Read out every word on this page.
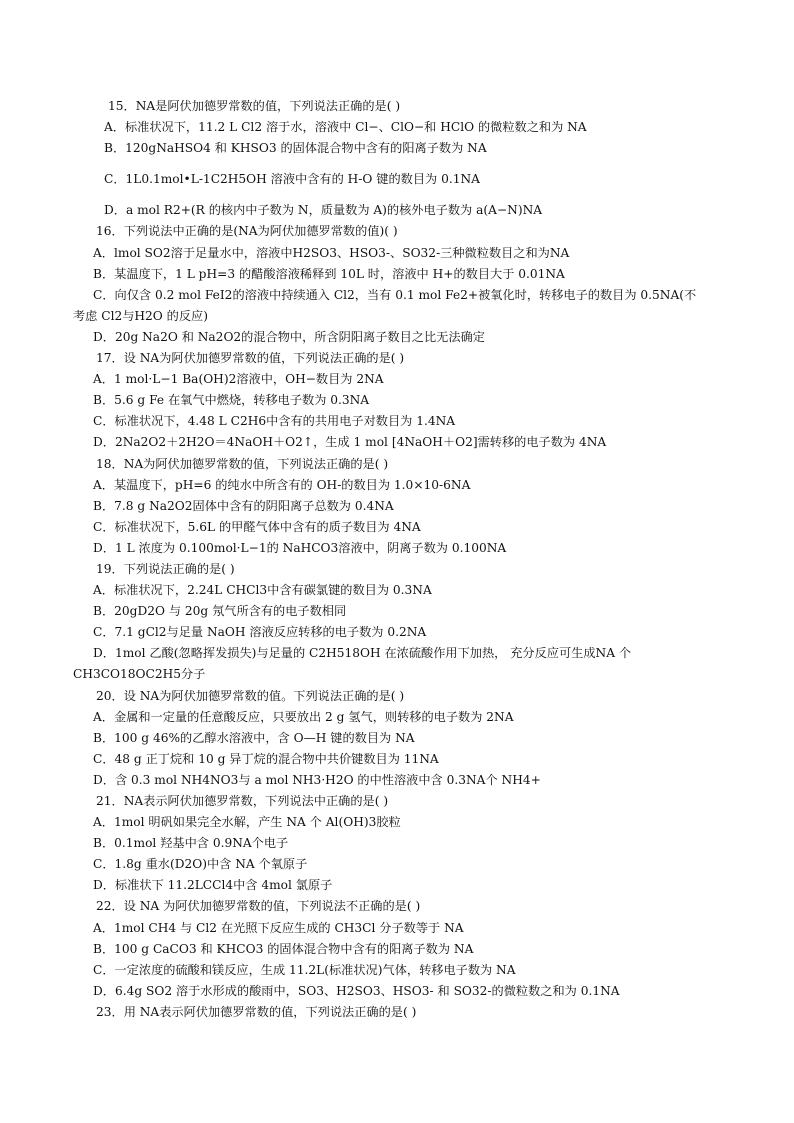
15．NA是阿伏加德罗常数的值，下列说法正确的是( )
A．标准状况下，11.2 L Cl2 溶于水，溶液中 Cl−、ClO−和 HClO 的微粒数之和为 NA
B．120gNaHSO4 和 KHSO3 的固体混合物中含有的阳离子数为 NA
C．1L0.1mol•L-1C2H5OH 溶液中含有的 H-O 键的数目为 0.1NA
D．a mol R2+(R 的核内中子数为 N，质量数为 A)的核外电子数为 a(A−N)NA
16．下列说法中正确的是(NA为阿伏加德罗常数的值)( )
A．lmol SO2溶于足量水中，溶液中H2SO3、HSO3-、SO32-三种微粒数目之和为NA
B．某温度下，1 L pH=3 的醋酸溶液稀释到 10L 时，溶液中 H+的数目大于 0.01NA
C．向仅含 0.2 mol FeI2的溶液中持续通入 Cl2，当有 0.1 mol Fe2+被氧化时，转移电子的数目为 0.5NA(不
考虑 Cl2与H2O 的反应)
D．20g Na2O 和 Na2O2的混合物中，所含阴阳离子数目之比无法确定
17．设 NA为阿伏加德罗常数的值，下列说法正确的是( )
A．1 mol·L−1 Ba(OH)2溶液中，OH−数目为 2NA
B．5.6 g Fe 在氧气中燃烧，转移电子数为 0.3NA
C．标准状况下，4.48 L C2H6中含有的共用电子对数目为 1.4NA
D．2Na2O2＋2H2O＝4NaOH＋O2↑，生成 1 mol [4NaOH＋O2]需转移的电子数为 4NA
18．NA为阿伏加德罗常数的值，下列说法正确的是( )
A．某温度下，pH=6 的纯水中所含有的 OH-的数目为 1.0×10-6NA
B．7.8 g Na2O2固体中含有的阴阳离子总数为 0.4NA
C．标准状况下，5.6L 的甲醛气体中含有的质子数目为 4NA
D．1 L 浓度为 0.100mol·L−1的 NaHCO3溶液中，阴离子数为 0.100NA
19．下列说法正确的是( )
A．标准状况下，2.24L CHCl3中含有碳氯键的数目为 0.3NA
B．20gD2O 与 20g 氖气所含有的电子数相同
C．7.1 gCl2与足量 NaOH 溶液反应转移的电子数为 0.2NA
D．1mol 乙酸(忽略挥发损失)与足量的 C2H518OH 在浓硫酸作用下加热， 充分反应可生成NA 个
CH3CO18OC2H5分子
20．设 NA为阿伏加德罗常数的值。下列说法正确的是( )
A．金属和一定量的任意酸反应，只要放出 2 g 氢气，则转移的电子数为 2NA
B．100 g 46%的乙醇水溶液中，含 O—H 键的数目为 NA
C．48 g 正丁烷和 10 g 异丁烷的混合物中共价键数目为 11NA
D．含 0.3 mol NH4NO3与 a mol NH3·H2O 的中性溶液中含 0.3NA个 NH4+
21．NA表示阿伏加德罗常数，下列说法中正确的是( )
A．1mol 明矾如果完全水解，产生 NA 个 Al(OH)3胶粒
B．0.1mol 羟基中含 0.9NA个电子
C．1.8g 重水(D2O)中含 NA 个氧原子
D．标准状下 11.2LCCl4中含 4mol 氯原子
22．设 NA 为阿伏加德罗常数的值，下列说法不正确的是( )
A．1mol CH4 与 Cl2 在光照下反应生成的 CH3Cl 分子数等于 NA
B．100 g CaCO3 和 KHCO3 的固体混合物中含有的阳离子数为 NA
C．一定浓度的硫酸和镁反应，生成 11.2L(标准状况)气体，转移电子数为 NA
D．6.4g SO2 溶于水形成的酸雨中，SO3、H2SO3、HSO3- 和 SO32-的微粒数之和为 0.1NA
23．用 NA表示阿伏加德罗常数的值，下列说法正确的是( )
